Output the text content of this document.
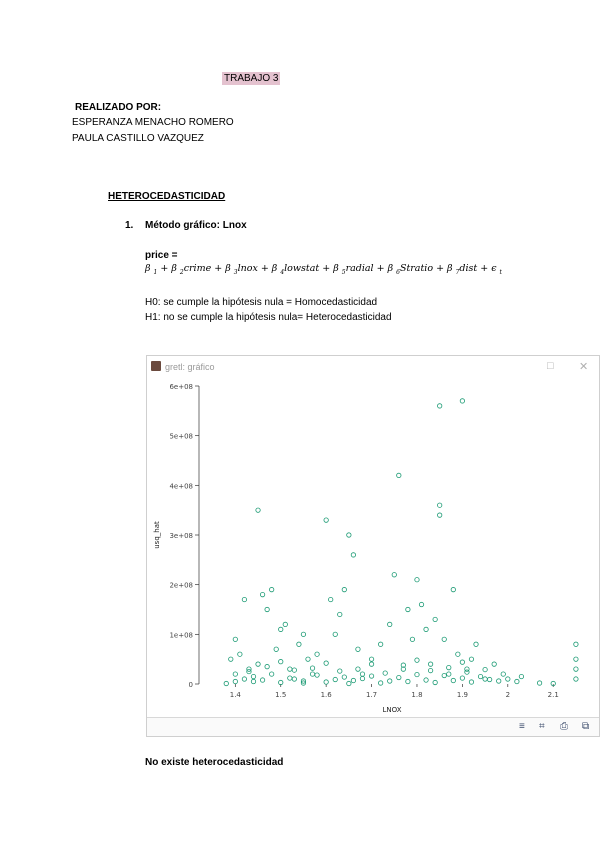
TRABAJO 3
REALIZADO POR:
ESPERANZA MENACHO ROMERO
PAULA CASTILLO VAZQUEZ
HETEROCEDASTICIDAD
1. Método gráfico: Lnox
price =
β $_1$ + β $_2$crime + β $_3$lnox + β $_4$lowstat + β $_5$radial + β $_6$Stratio + β $_7$dist + ϵ $_t$
H0: se cumple la hipótesis nula = Homocedasticidad
H1: no se cumple la hipótesis nula= Heterocedasticidad
gretl: gráfico	□ ✕
0
1e+08
2e+08
3e+08
4e+08
5e+08
6e+08
1.4	1.5	1.6	1.7	1.8	1.9	2	2.1
LNOX
usq_hat
≡ ⌗ ⎙ ⧉
No existe heterocedasticidad
